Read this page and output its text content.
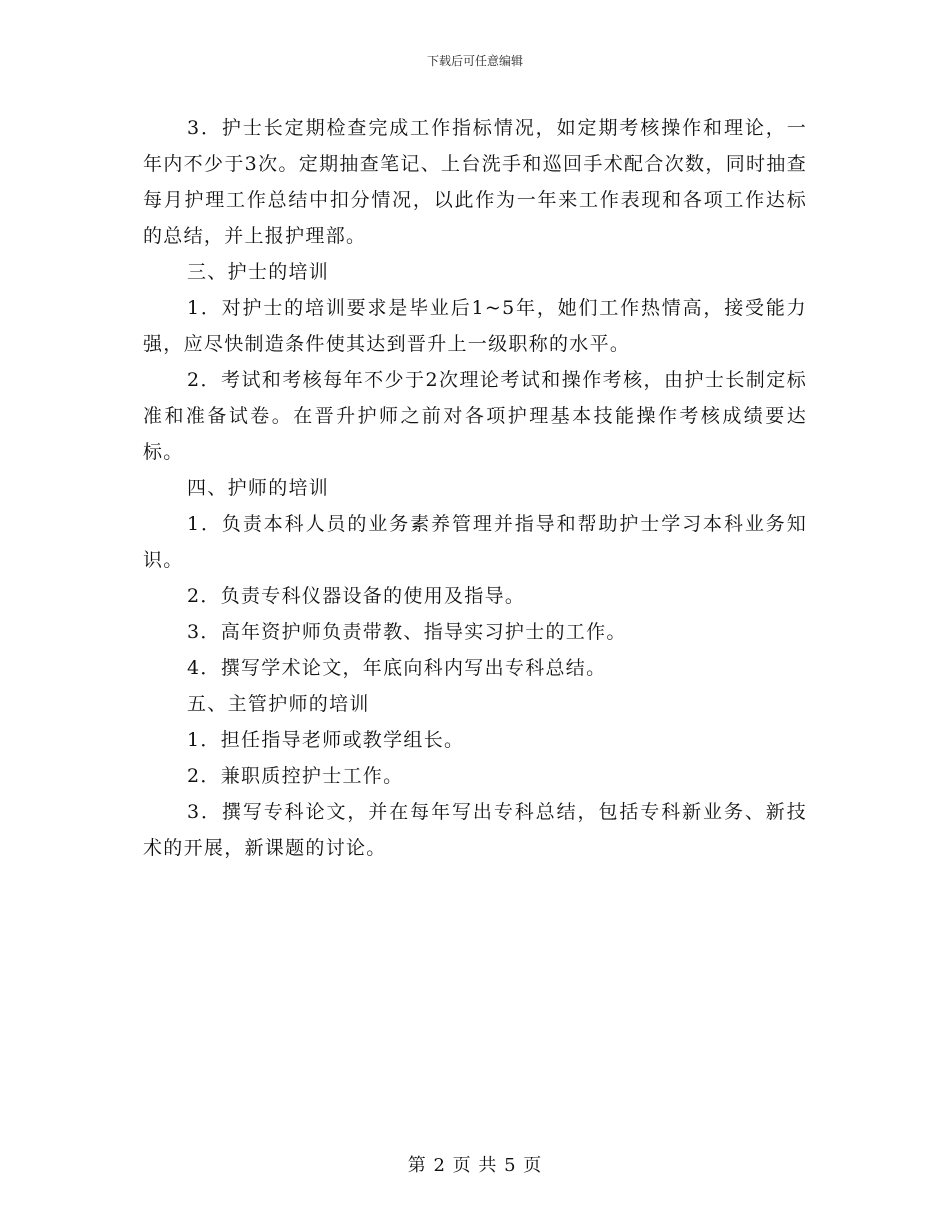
下载后可任意编辑

3．护士长定期检查完成工作指标情况，如定期考核操作和理论，一年内不少于3次。定期抽查笔记、上台洗手和巡回手术配合次数，同时抽查每月护理工作总结中扣分情况，以此作为一年来工作表现和各项工作达标的总结，并上报护理部。

三、护士的培训

1．对护士的培训要求是毕业后1~5年，她们工作热情高，接受能力强，应尽快制造条件使其达到晋升上一级职称的水平。

2．考试和考核每年不少于2次理论考试和操作考核，由护士长制定标准和准备试卷。在晋升护师之前对各项护理基本技能操作考核成绩要达标。

四、护师的培训

1．负责本科人员的业务素养管理并指导和帮助护士学习本科业务知识。

2．负责专科仪器设备的使用及指导。

3．高年资护师负责带教、指导实习护士的工作。

4．撰写学术论文，年底向科内写出专科总结。

五、主管护师的培训

1．担任指导老师或教学组长。

2．兼职质控护士工作。

3．撰写专科论文，并在每年写出专科总结，包括专科新业务、新技术的开展，新课题的讨论。

第 2 页 共 5 页
